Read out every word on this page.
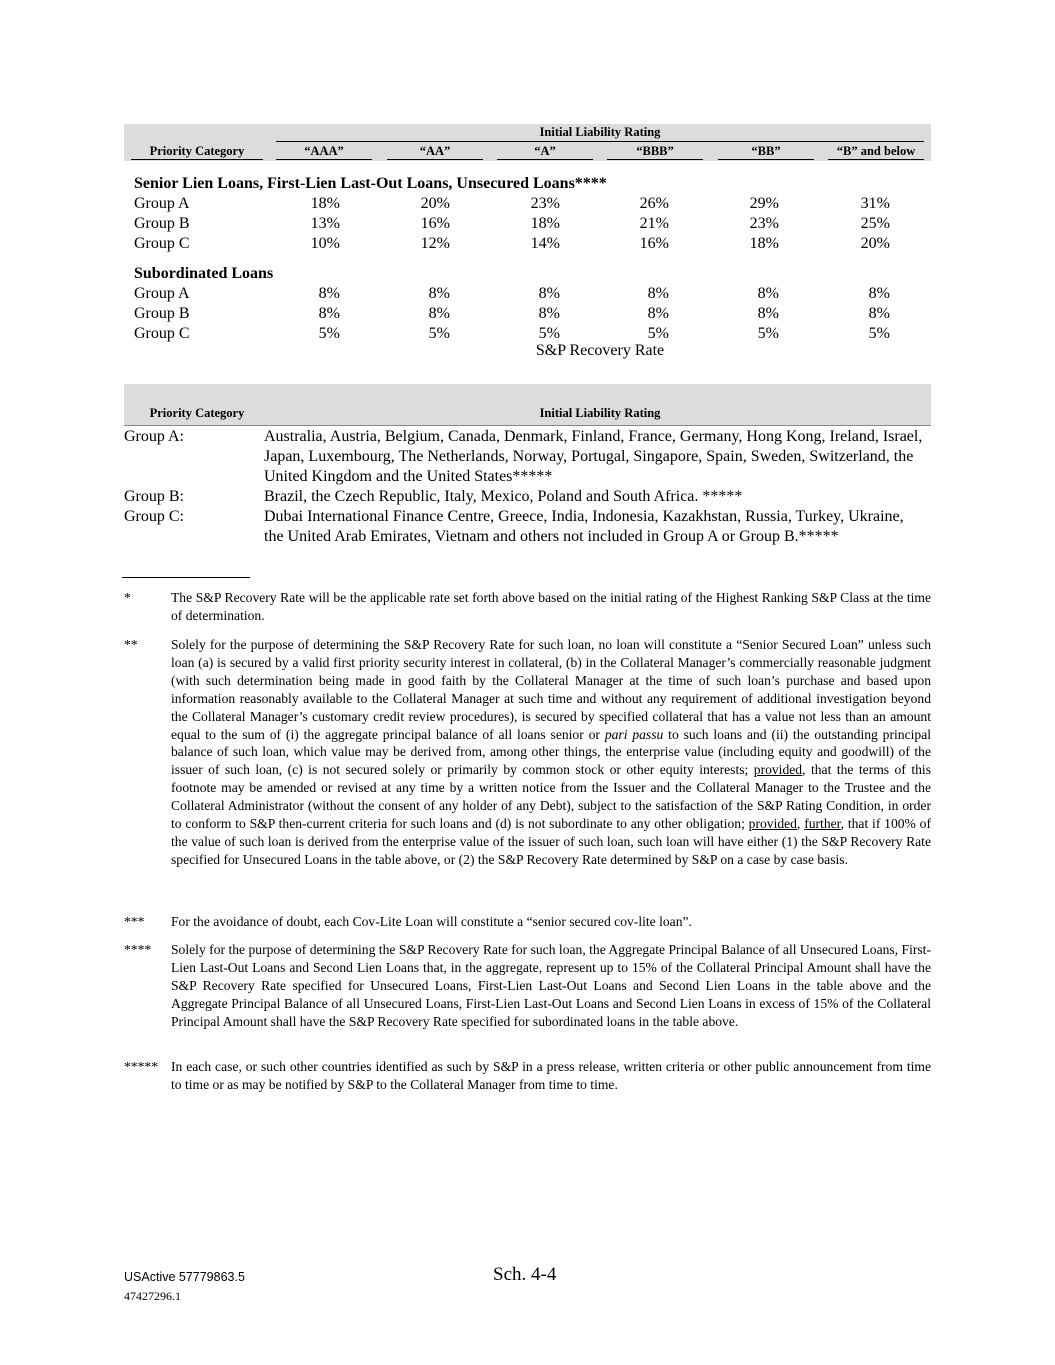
Initial Liability Rating
Priority Category	“AAA”	“AA”	“A”	“BBB”	“BB”	“B” and below
Senior Lien Loans, First-Lien Last-Out Loans, Unsecured Loans****
Group A	18%	20%	23%	26%	29%	31%
Group B	13%	16%	18%	21%	23%	25%
Group C	10%	12%	14%	16%	18%	20%
Subordinated Loans
Group A	8%	8%	8%	8%	8%	8%
Group B	8%	8%	8%	8%	8%	8%
Group C	5%	5%	5%	5%	5%	5%
S&P Recovery Rate
Priority Category	Initial Liability Rating
Group A:	Australia, Austria, Belgium, Canada, Denmark, Finland, France, Germany, Hong Kong, Ireland, Israel, Japan, Luxembourg, The Netherlands, Norway, Portugal, Singapore, Spain, Sweden, Switzerland, the United Kingdom and the United States*****
Group B:	Brazil, the Czech Republic, Italy, Mexico, Poland and South Africa. *****
Group C:	Dubai International Finance Centre, Greece, India, Indonesia, Kazakhstan, Russia, Turkey, Ukraine, the United Arab Emirates, Vietnam and others not included in Group A or Group B.*****
*	The S&P Recovery Rate will be the applicable rate set forth above based on the initial rating of the Highest Ranking S&P Class at the time of determination.
** Solely for the purpose of determining the S&P Recovery Rate for such loan, no loan will constitute a “Senior Secured Loan” unless such loan (a) is secured by a valid first priority security interest in collateral, (b) in the Collateral Manager’s commercially reasonable judgment (with such determination being made in good faith by the Collateral Manager at the time of such loan’s purchase and based upon information reasonably available to the Collateral Manager at such time and without any requirement of additional investigation beyond the Collateral Manager’s customary credit review procedures), is secured by specified collateral that has a value not less than an amount equal to the sum of (i) the aggregate principal balance of all loans senior or pari passu to such loans and (ii) the outstanding principal balance of such loan, which value may be derived from, among other things, the enterprise value (including equity and goodwill) of the issuer of such loan, (c) is not secured solely or primarily by common stock or other equity interests; provided, that the terms of this footnote may be amended or revised at any time by a written notice from the Issuer and the Collateral Manager to the Trustee and the Collateral Administrator (without the consent of any holder of any Debt), subject to the satisfaction of the S&P Rating Condition, in order to conform to S&P then-current criteria for such loans and (d) is not subordinate to any other obligation; provided, further, that if 100% of the value of such loan is derived from the enterprise value of the issuer of such loan, such loan will have either (1) the S&P Recovery Rate specified for Unsecured Loans in the table above, or (2) the S&P Recovery Rate determined by S&P on a case by case basis.
*** For the avoidance of doubt, each Cov-Lite Loan will constitute a “senior secured cov-lite loan”.
**** Solely for the purpose of determining the S&P Recovery Rate for such loan, the Aggregate Principal Balance of all Unsecured Loans, First-Lien Last-Out Loans and Second Lien Loans that, in the aggregate, represent up to 15% of the Collateral Principal Amount shall have the S&P Recovery Rate specified for Unsecured Loans, First-Lien Last-Out Loans and Second Lien Loans in the table above and the Aggregate Principal Balance of all Unsecured Loans, First-Lien Last-Out Loans and Second Lien Loans in excess of 15% of the Collateral Principal Amount shall have the S&P Recovery Rate specified for subordinated loans in the table above.
***** In each case, or such other countries identified as such by S&P in a press release, written criteria or other public announcement from time to time or as may be notified by S&P to the Collateral Manager from time to time.
USActive 57779863.5
47427296.1
Sch. 4-4
